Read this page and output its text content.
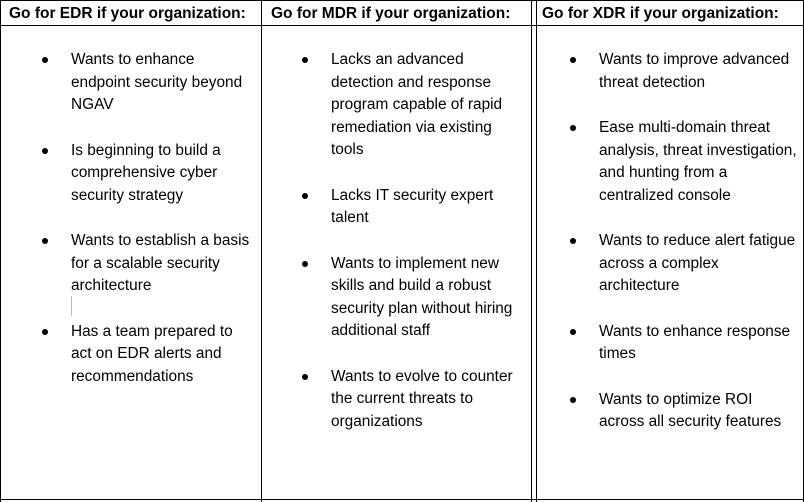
Go for EDR if your organization:
Wants to enhance endpoint security beyond NGAV
Is beginning to build a comprehensive cyber security strategy
Wants to establish a basis for a scalable security architecture
Has a team prepared to act on EDR alerts and recommendations
Go for MDR if your organization:
Lacks an advanced detection and response program capable of rapid remediation via existing tools
Lacks IT security expert talent
Wants to implement new skills and build a robust security plan without hiring additional staff
Wants to evolve to counter the current threats to organizations
Go for XDR if your organization:
Wants to improve advanced threat detection
Ease multi-domain threat analysis, threat investigation, and hunting from a centralized console
Wants to reduce alert fatigue across a complex architecture
Wants to enhance response times
Wants to optimize ROI across all security features
